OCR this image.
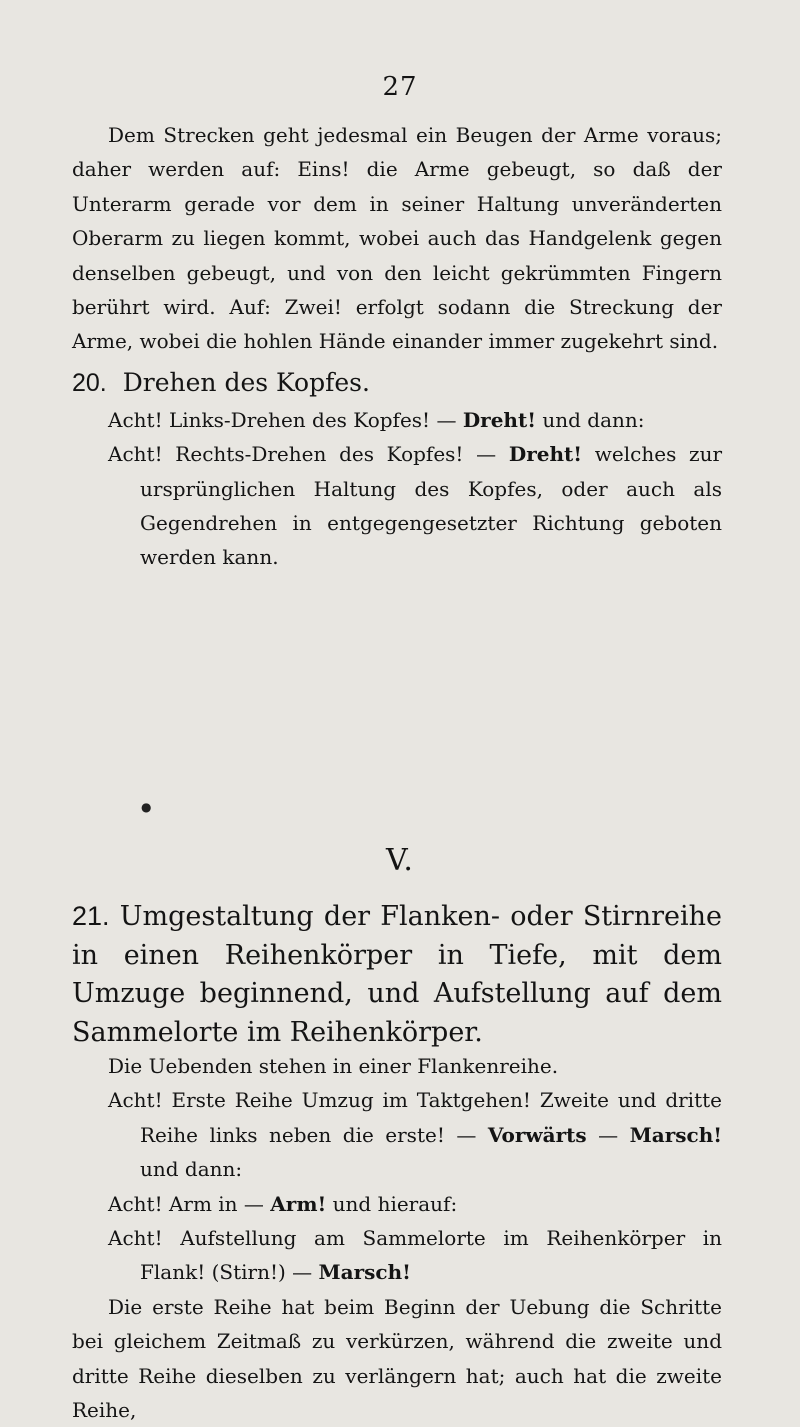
27

Dem Strecken geht jedesmal ein Beugen der Arme voraus; daher werden auf: Eins! die Arme gebeugt, so daß der Unterarm gerade vor dem in seiner Haltung unveränderten Oberarm zu liegen kommt, wobei auch das Handgelenk gegen denselben gebeugt, und von den leicht gekrümmten Fingern berührt wird. Auf: Zwei! erfolgt sodann die Streckung der Arme, wobei die hohlen Hände einander immer zugekehrt sind.

20. Drehen des Kopfes.

Acht! Links-Drehen des Kopfes! — Dreht! und dann:

Acht! Rechts-Drehen des Kopfes! — Dreht! welches zur ursprünglichen Haltung des Kopfes, oder auch als Gegendrehen in entgegengesetzter Richtung geboten werden kann.

●
V.
21. Umgestaltung der Flanken- oder Stirnreihe in einen Reihenkörper in Tiefe, mit dem Umzuge beginnend, und Aufstellung auf dem Sammelorte im Reihenkörper.

Die Uebenden stehen in einer Flankenreihe.

Acht! Erste Reihe Umzug im Taktgehen! Zweite und dritte Reihe links neben die erste! — Vorwärts — Marsch! und dann:

Acht! Arm in — Arm! und hierauf:

Acht! Aufstellung am Sammelorte im Reihenkörper in Flank! (Stirn!) — Marsch!

Die erste Reihe hat beim Beginn der Uebung die Schritte bei gleichem Zeitmaß zu verkürzen, während die zweite und dritte Reihe dieselben zu verlängern hat; auch hat die zweite Reihe,
